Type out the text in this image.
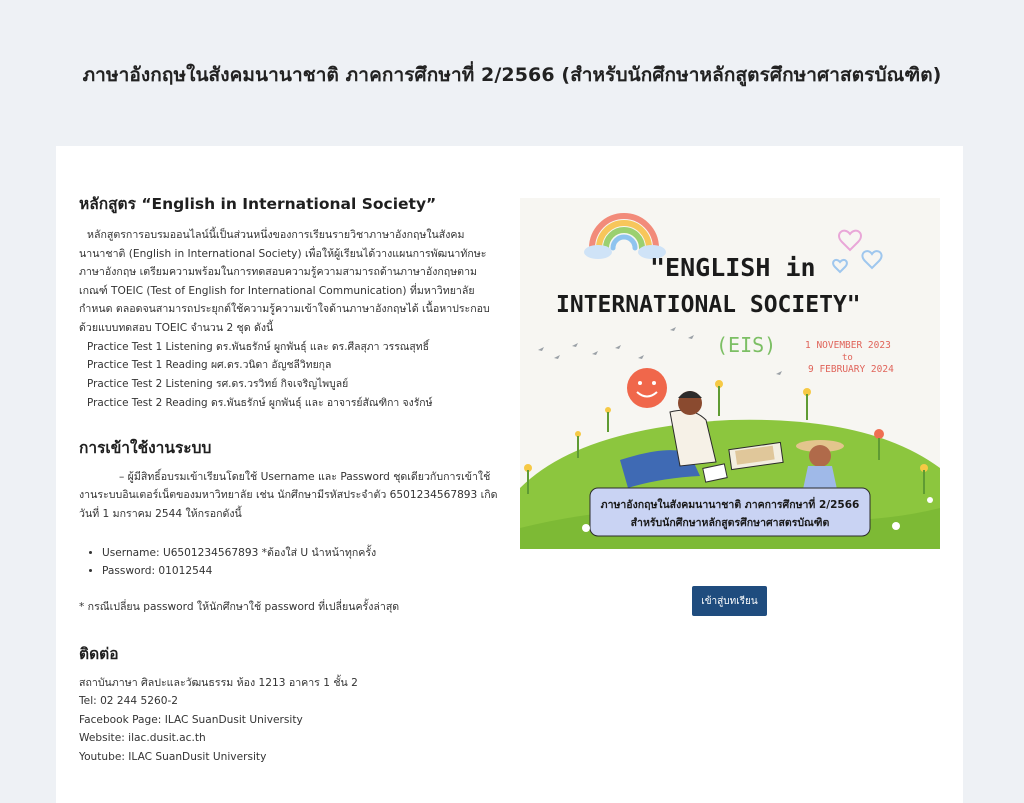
ภาษาอังกฤษในสังคมนานาชาติ ภาคการศึกษาที่ 2/2566 (สำหรับนักศึกษาหลักสูตรศึกษาศาสตรบัณฑิต)
หลักสูตร “English in International Society”
หลักสูตรการอบรมออนไลน์นี้เป็นส่วนหนึ่งของการเรียนรายวิชาภาษาอังกฤษในสังคม
นานาชาติ (English in International Society) เพื่อให้ผู้เรียนได้วางแผนการพัฒนาทักษะ
ภาษาอังกฤษ เตรียมความพร้อมในการทดสอบความรู้ความสามารถด้านภาษาอังกฤษตาม
เกณฑ์ TOEIC (Test of English for International Communication) ที่มหาวิทยาลัย
กำหนด ตลอดจนสามารถประยุกต์ใช้ความรู้ความเข้าใจด้านภาษาอังกฤษได้ เนื้อหาประกอบ
ด้วยแบบทดสอบ TOEIC จำนวน 2 ชุด ดังนี้
Practice Test 1 Listening ดร.พันธรักษ์ ผูกพันธุ์ และ ดร.ศีลสุภา วรรณสุทธิ์
Practice Test 1 Reading ผศ.ดร.วนิดา อัญชลีวิทยกุล
Practice Test 2 Listening รศ.ดร.วรวิทย์ กิจเจริญไพบูลย์
Practice Test 2 Reading ดร.พันธรักษ์ ผูกพันธุ์ และ อาจารย์สัณฑิกา จงรักษ์
การเข้าใช้งานระบบ
– ผู้มีสิทธิ์อบรมเข้าเรียนโดยใช้ Username และ Password ชุดเดียวกับการเข้าใช้
งานระบบอินเตอร์เน็ตของมหาวิทยาลัย เช่น นักศึกษามีรหัสประจำตัว 6501234567893 เกิด
วันที่ 1 มกราคม 2544 ให้กรอกดังนี้
• Username: U6501234567893 *ต้องใส่ U นำหน้าทุกครั้ง
• Password: 01012544
* กรณีเปลี่ยน password ให้นักศึกษาใช้ password ที่เปลี่ยนครั้งล่าสุด
ติดต่อ
สถาบันภาษา ศิลปะและวัฒนธรรม ห้อง 1213 อาคาร 1 ชั้น 2
Tel: 02 244 5260-2
Facebook Page: ILAC SuanDusit University
Website: ilac.dusit.ac.th
Youtube: ILAC SuanDusit University
"ENGLISH in
INTERNATIONAL SOCIETY"
(EIS)	1 NOVEMBER 2023
to
9 FEBRUARY 2024
ภาษาอังกฤษในสังคมนานาชาติ ภาคการศึกษาที่ 2/2566
สำหรับนักศึกษาหลักสูตรศึกษาศาสตรบัณฑิต
เข้าสู่บทเรียน
